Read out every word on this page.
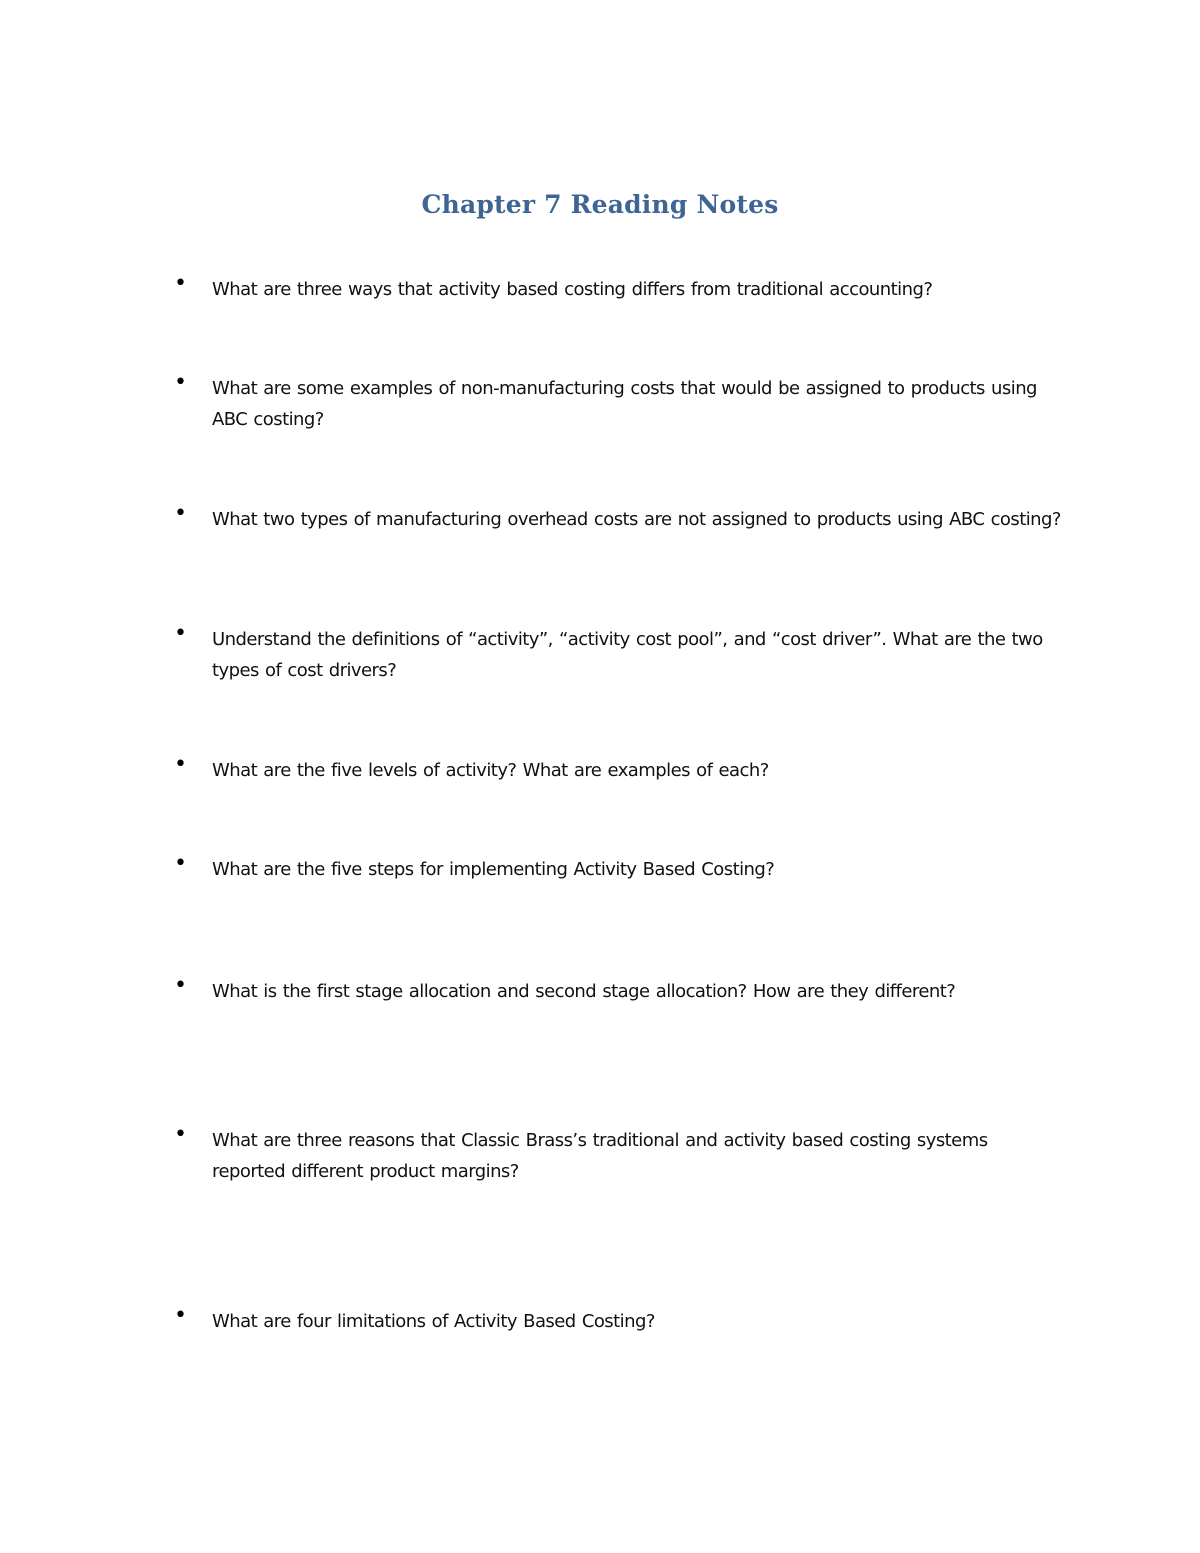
Chapter 7 Reading Notes
• What are three ways that activity based costing differs from traditional accounting?
• What are some examples of non-manufacturing costs that would be assigned to products using ABC costing?
• What two types of manufacturing overhead costs are not assigned to products using ABC costing?
• Understand the definitions of “activity”, “activity cost pool”, and “cost driver”. What are the two types of cost drivers?
• What are the five levels of activity? What are examples of each?
• What are the five steps for implementing Activity Based Costing?
• What is the first stage allocation and second stage allocation? How are they different?
• What are three reasons that Classic Brass’s traditional and activity based costing systems reported different product margins?
• What are four limitations of Activity Based Costing?
